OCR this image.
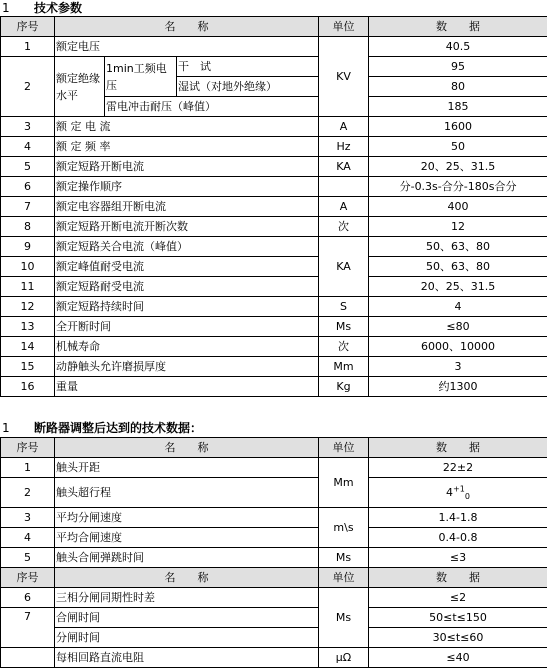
1 技术参数
序号	名　　称			单位	数　　据
1	额定电压			KV	40.5
2	额定绝缘水平	1min工频电压	干　试		95
			湿试（对地外绝缘）		80
		雷电冲击耐压（峰值）			185
3	额 定 电 流			A	1600
4	额 定 频 率			Hz	50
5	额定短路开断电流			KA	20、25、31.5
6	额定操作顺序				分-0.3s-合分-180s合分
7	额定电容器组开断电流			A	400
8	额定短路开断电流开断次数			次	12
9	额定短路关合电流（峰值）			KA	50、63、80
10	额定峰值耐受电流				50、63、80
11	额定短路耐受电流				20、25、31.5
12	额定短路持续时间			S	4
13	全开断时间			Ms	≤80
14	机械寿命			次	6000、10000
15	动静触头允许磨损厚度			Mm	3
16	重量			Kg	约1300
1 断路器调整后达到的技术数据：
序号	名　　称	单位	数　　据
1	触头开距	Mm	22±2
2	触头超行程		$4^{+1}_0$
3	平均分闸速度	m\s	1.4-1.8
4	平均合闸速度		0.4-0.8
5	触头合闸弹跳时间	Ms	≤3
序号	名　　称	单位	数　　据
6	三相分闸同期性时差	Ms	≤2
7	合闸时间		50≤t≤150
	分闸时间		30≤t≤60
	每相回路直流电阻	μΩ	≤40
